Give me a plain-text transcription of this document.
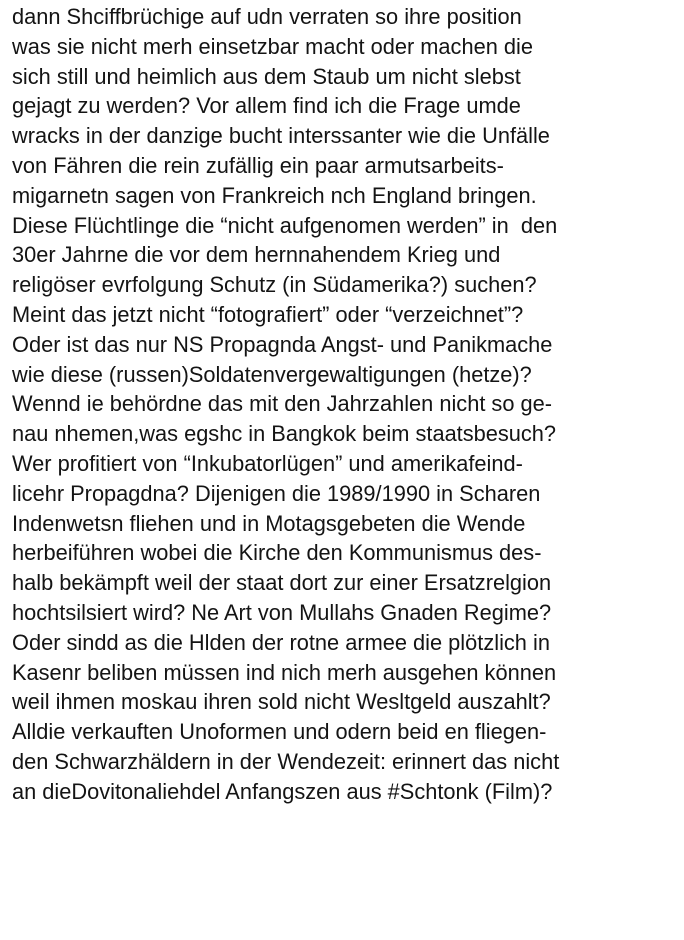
dann Shciffbrüchige auf udn verraten so ihre position
was sie nicht merh einsetzbar macht oder machen die
sich still und heimlich aus dem Staub um nicht slebst
gejagt zu werden? Vor allem find ich die Frage umde
wracks in der danzige bucht interssanter wie die Unfälle
von Fähren die rein zufällig ein paar armutsarbeits-
migarnetn sagen von Frankreich nch England bringen.
Diese Flüchtlinge die “nicht aufgenomen werden” in  den
30er Jahrne die vor dem hernnahendem Krieg und
religöser evrfolgung Schutz (in Südamerika?) suchen?
Meint das jetzt nicht “fotografiert” oder “verzeichnet”?
Oder ist das nur NS Propagnda Angst- und Panikmache
wie diese (russen)Soldatenvergewaltigungen (hetze)?
Wennd ie behördne das mit den Jahrzahlen nicht so ge-
nau nhemen,was egshc in Bangkok beim staatsbesuch?
Wer profitiert von “Inkubatorlügen” und amerikafeind-
licehr Propagdna? Dijenigen die 1989/1990 in Scharen
Indenwetsn fliehen und in Motagsgebeten die Wende
herbeiführen wobei die Kirche den Kommunismus des-
halb bekämpft weil der staat dort zur einer Ersatzrelgion
hochtsilsiert wird? Ne Art von Mullahs Gnaden Regime?
Oder sindd as die Hlden der rotne armee die plötzlich in
Kasenr beliben müssen ind nich merh ausgehen können
weil ihmen moskau ihren sold nicht Wesltgeld auszahlt?
Alldie verkauften Unoformen und odern beid en fliegen-
den Schwarzhäldern in der Wendezeit: erinnert das nicht
an dieDovitonaliehdel Anfangszen aus #Schtonk (Film)?
